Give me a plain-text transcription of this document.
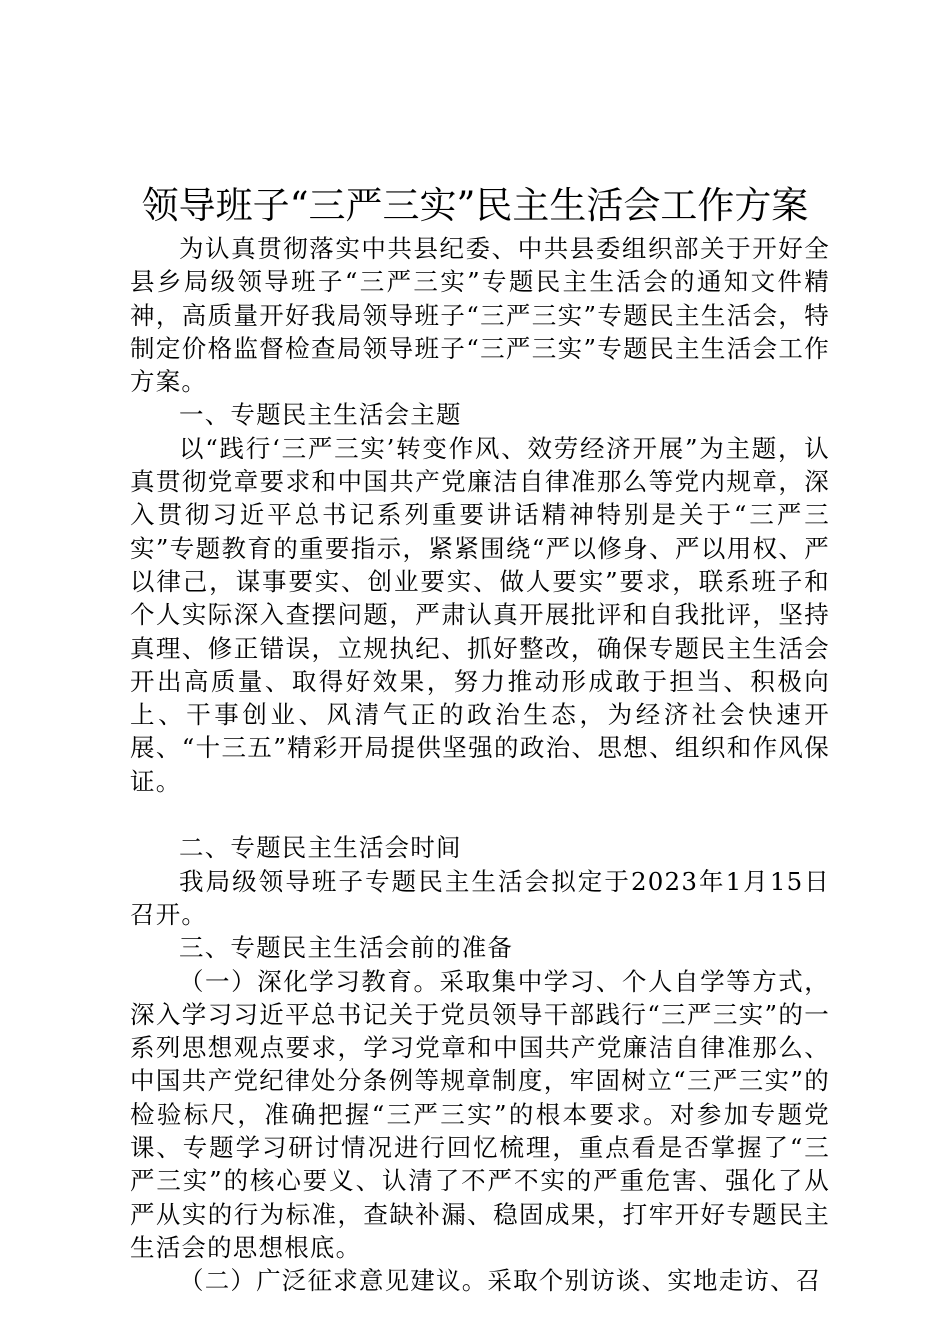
领导班子“三严三实”民主生活会工作方案

为认真贯彻落实中共县纪委、中共县委组织部关于开好全县乡局级领导班子“三严三实”专题民主生活会的通知文件精神，高质量开好我局领导班子“三严三实”专题民主生活会，特制定价格监督检查局领导班子“三严三实”专题民主生活会工作方案。

一、专题民主生活会主题

以“践行‘三严三实’转变作风、效劳经济开展”为主题，认真贯彻党章要求和中国共产党廉洁自律准那么等党内规章，深入贯彻习近平总书记系列重要讲话精神特别是关于“三严三实”专题教育的重要指示，紧紧围绕“严以修身、严以用权、严以律己，谋事要实、创业要实、做人要实”要求，联系班子和个人实际深入查摆问题，严肃认真开展批评和自我批评，坚持真理、修正错误，立规执纪、抓好整改，确保专题民主生活会开出高质量、取得好效果，努力推动形成敢于担当、积极向上、干事创业、风清气正的政治生态，为经济社会快速开展、“十三五”精彩开局提供坚强的政治、思想、组织和作风保证。

二、专题民主生活会时间

我局级领导班子专题民主生活会拟定于2023年1月15日召开。

三、专题民主生活会前的准备

（一）深化学习教育。采取集中学习、个人自学等方式，深入学习习近平总书记关于党员领导干部践行“三严三实”的一系列思想观点要求，学习党章和中国共产党廉洁自律准那么、中国共产党纪律处分条例等规章制度，牢固树立“三严三实”的检验标尺，准确把握“三严三实”的根本要求。对参加专题党课、专题学习研讨情况进行回忆梳理，重点看是否掌握了“三严三实”的核心要义、认清了不严不实的严重危害、强化了从严从实的行为标准，查缺补漏、稳固成果，打牢开好专题民主生活会的思想根底。

（二）广泛征求意见建议。采取个别访谈、实地走访、召
